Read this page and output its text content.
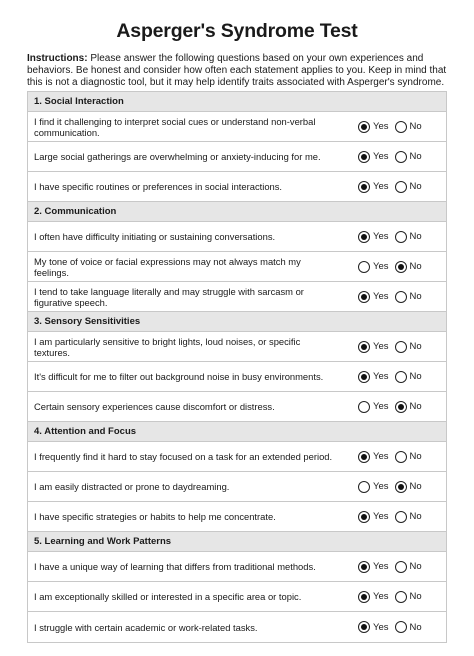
Asperger's Syndrome Test
Instructions: Please answer the following questions based on your own experiences and behaviors. Be honest and consider how often each statement applies to you. Keep in mind that this is not a diagnostic tool, but it may help identify traits associated with Asperger's syndrome.
1. Social Interaction
I find it challenging to interpret social cues or understand non-verbal communication.	Yes No
Large social gatherings are overwhelming or anxiety-inducing for me.	Yes No
I have specific routines or preferences in social interactions.	Yes No
2. Communication
I often have difficulty initiating or sustaining conversations.	Yes No
My tone of voice or facial expressions may not always match my feelings.	Yes No
I tend to take language literally and may struggle with sarcasm or figurative speech.	Yes No
3. Sensory Sensitivities
I am particularly sensitive to bright lights, loud noises, or specific textures.	Yes No
It's difficult for me to filter out background noise in busy environments.	Yes No
Certain sensory experiences cause discomfort or distress.	Yes No
4. Attention and Focus
I frequently find it hard to stay focused on a task for an extended period.	Yes No
I am easily distracted or prone to daydreaming.	Yes No
I have specific strategies or habits to help me concentrate.	Yes No
5. Learning and Work Patterns
I have a unique way of learning that differs from traditional methods.	Yes No
I am exceptionally skilled or interested in a specific area or topic.	Yes No
I struggle with certain academic or work-related tasks.	Yes No
